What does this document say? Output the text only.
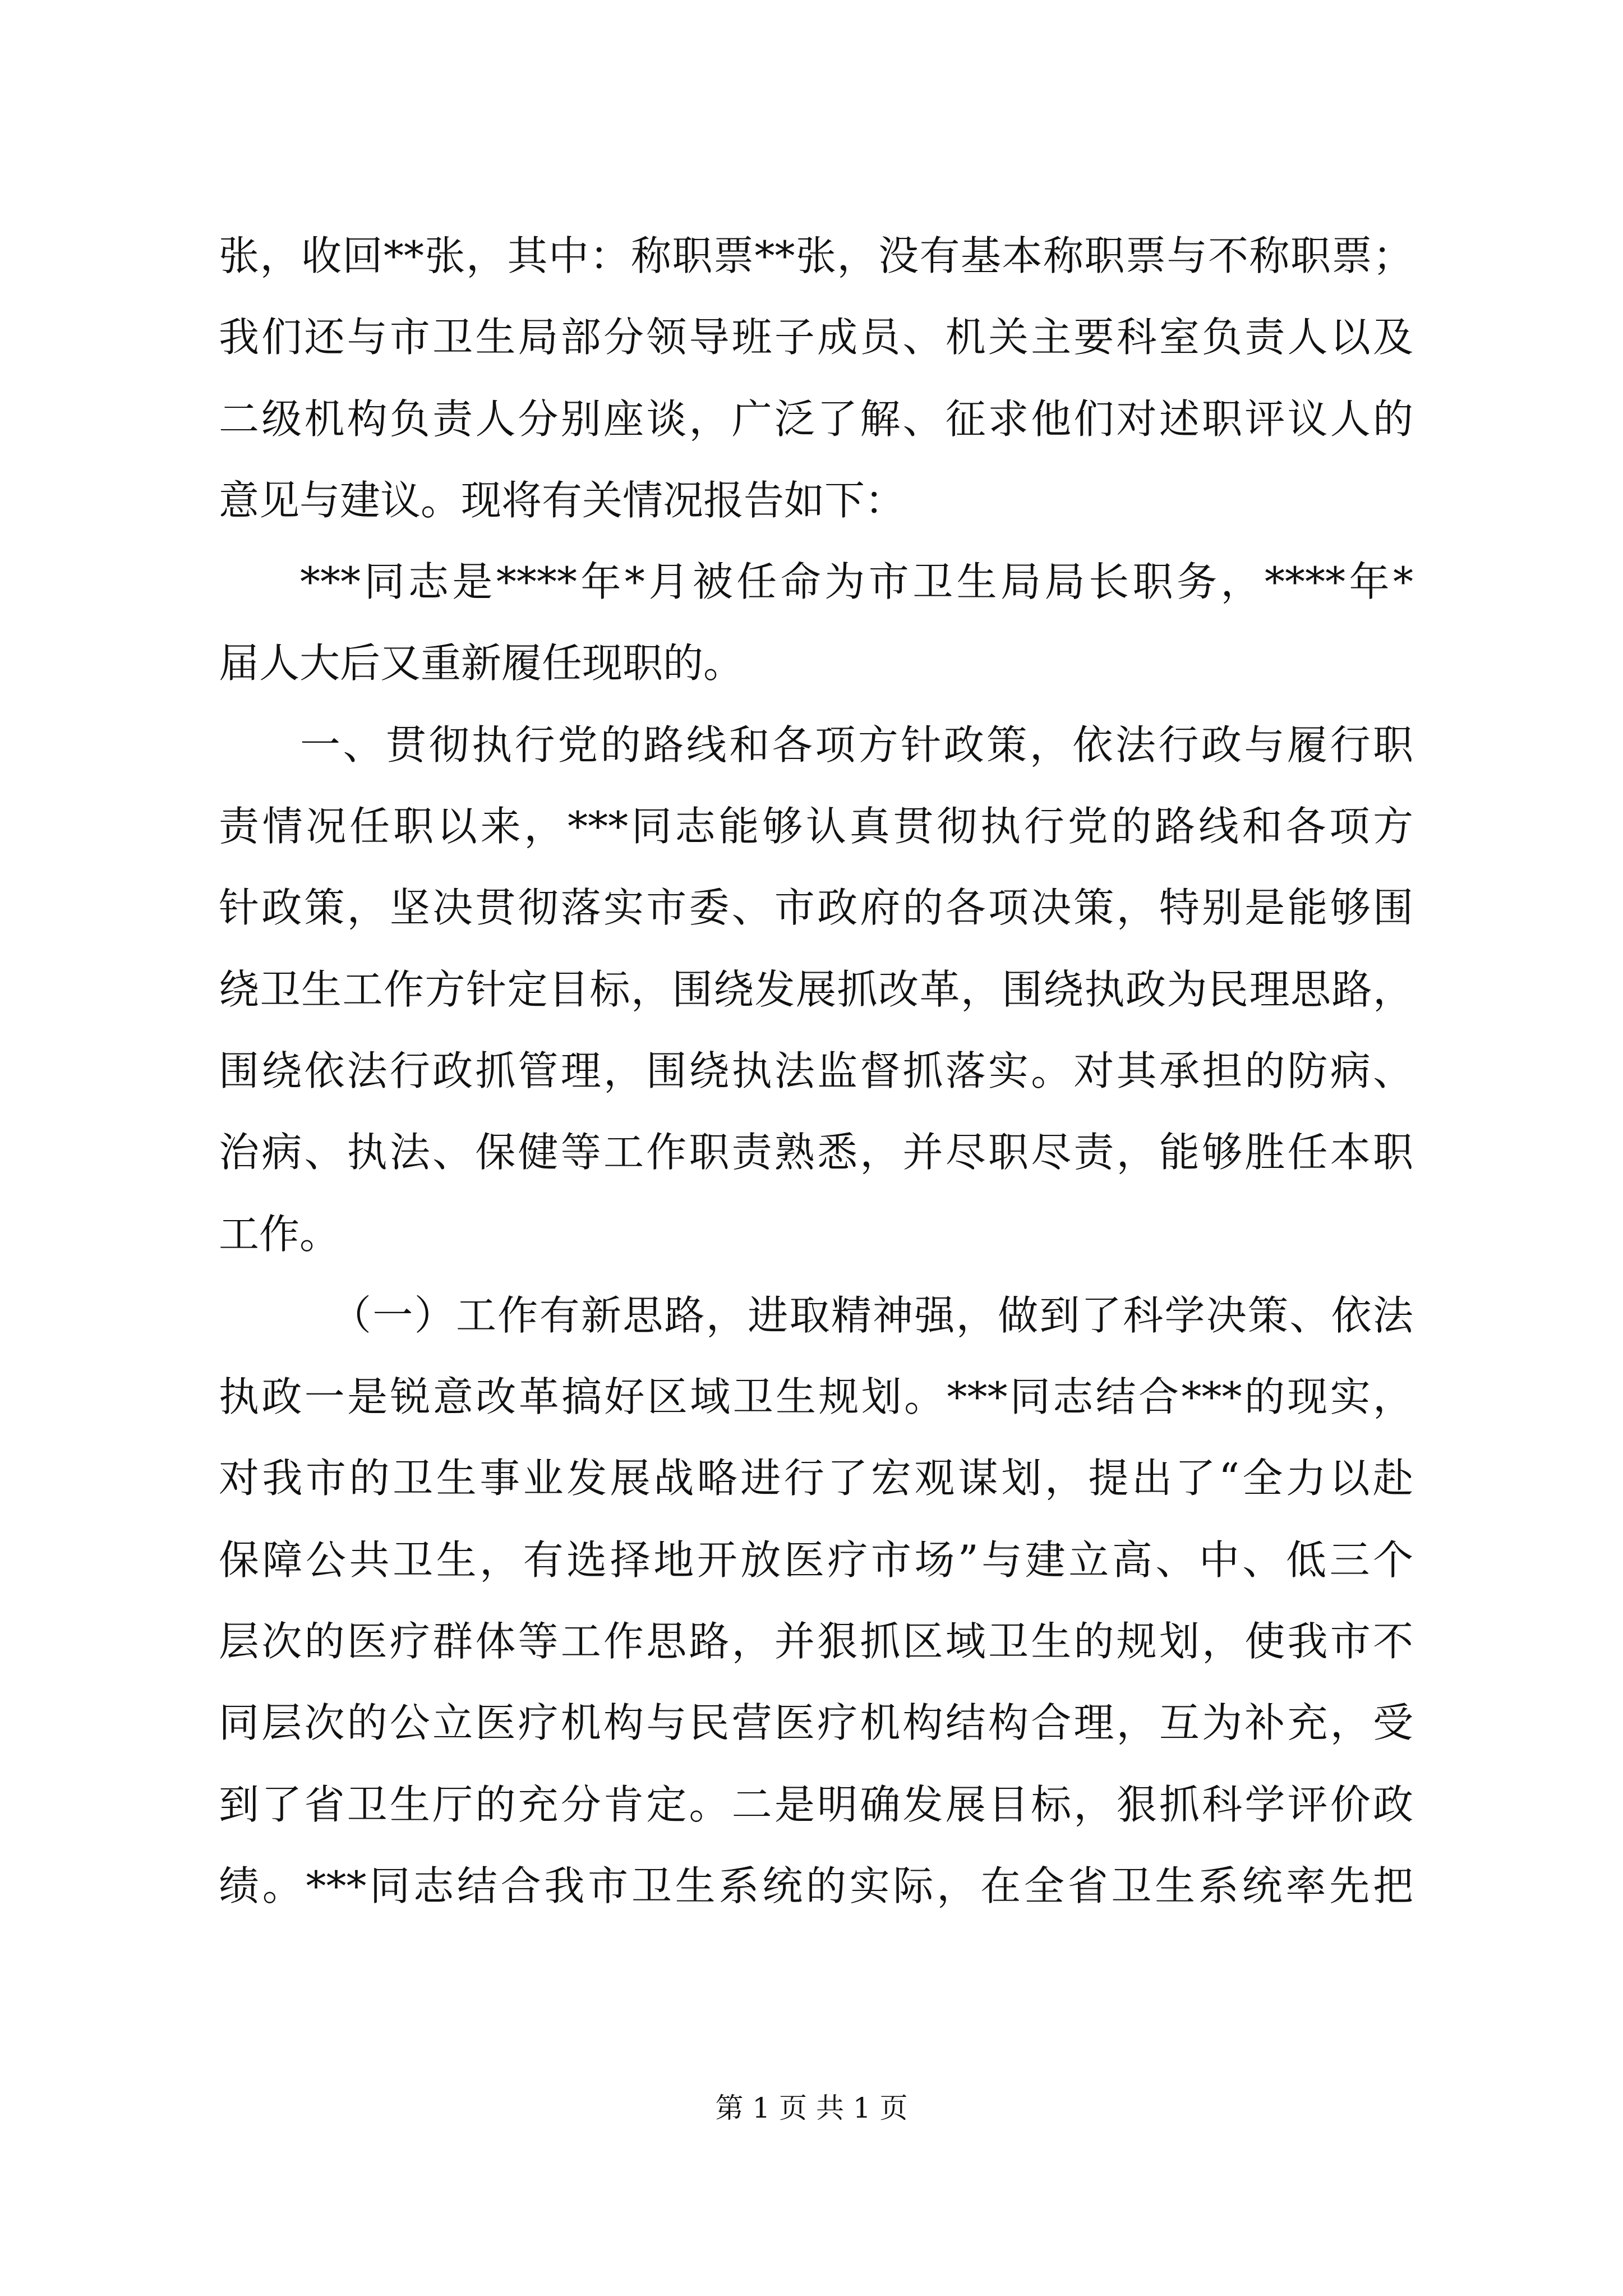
张，收回**张，其中：称职票**张，没有基本称职票与不称职票；
我们还与市卫生局部分领导班子成员、机关主要科室负责人以及
二级机构负责人分别座谈，广泛了解、征求他们对述职评议人的
意见与建议。现将有关情况报告如下：
***同志是****年*月被任命为市卫生局局长职务，****年*
届人大后又重新履任现职的。
一、贯彻执行党的路线和各项方针政策，依法行政与履行职
责情况任职以来，***同志能够认真贯彻执行党的路线和各项方
针政策，坚决贯彻落实市委、市政府的各项决策，特别是能够围
绕卫生工作方针定目标，围绕发展抓改革，围绕执政为民理思路，
围绕依法行政抓管理，围绕执法监督抓落实。对其承担的防病、
治病、执法、保健等工作职责熟悉，并尽职尽责，能够胜任本职
工作。
（一）工作有新思路，进取精神强，做到了科学决策、依法
执政一是锐意改革搞好区域卫生规划。***同志结合***的现实，
对我市的卫生事业发展战略进行了宏观谋划，提出了“全力以赴
保障公共卫生，有选择地开放医疗市场”与建立高、中、低三个
层次的医疗群体等工作思路，并狠抓区域卫生的规划，使我市不
同层次的公立医疗机构与民营医疗机构结构合理，互为补充，受
到了省卫生厅的充分肯定。二是明确发展目标，狠抓科学评价政
绩。***同志结合我市卫生系统的实际，在全省卫生系统率先把
第 1 页 共 1 页
